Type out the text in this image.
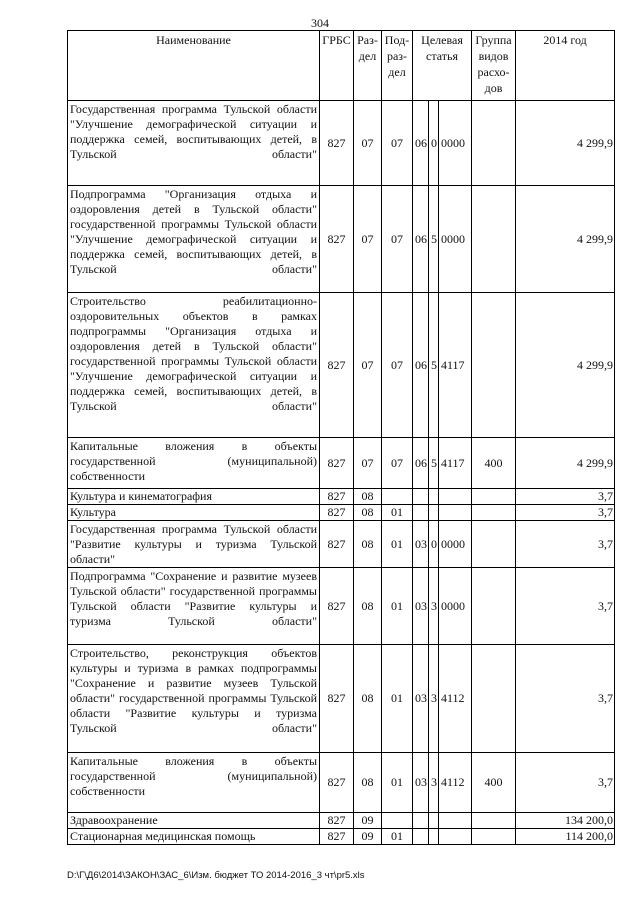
304
Наименование	ГРБС	Раз-дел	Под-раз-дел	Целевая статья			Группа видов расхо-дов	2014 год
Государственная программа Тульской области "Улучшение демографической ситуации и поддержка семей, воспитывающих детей, в Тульской области"	827	07	07	06	0	0000		4 299,9
Подпрограмма "Организация отдыха и оздоровления детей в Тульской области" государственной программы Тульской области "Улучшение демографической ситуации и поддержка семей, воспитывающих детей, в Тульской области"	827	07	07	06	5	0000		4 299,9
Строительство реабилитационно-оздоровительных объектов в рамках подпрограммы "Организация отдыха и оздоровления детей в Тульской области" государственной программы Тульской области "Улучшение демографической ситуации и поддержка семей, воспитывающих детей, в Тульской области"	827	07	07	06	5	4117		4 299,9
Капитальные вложения в объекты государственной (муниципальной) собственности	827	07	07	06	5	4117	400	4 299,9
Культура и кинематография	827	08						3,7
Культура	827	08	01					3,7
Государственная программа Тульской области "Развитие культуры и туризма Тульской области"	827	08	01	03	0	0000		3,7
Подпрограмма "Сохранение и развитие музеев Тульской области" государственной программы Тульской области "Развитие культуры и туризма Тульской области"	827	08	01	03	3	0000		3,7
Строительство, реконструкция объектов культуры и туризма в рамках подпрограммы "Сохранение и развитие музеев Тульской области" государственной программы Тульской области "Развитие культуры и туризма Тульской области"	827	08	01	03	3	4112		3,7
Капитальные вложения в объекты государственной (муниципальной) собственности	827	08	01	03	3	4112	400	3,7
Здравоохранение	827	09						134 200,0
Стационарная медицинская помощь	827	09	01					114 200,0
D:\Г\Д6\2014\ЗАКОН\ЗАС_6\Изм. бюджет ТО 2014-2016_3 чт\pr5.xls
